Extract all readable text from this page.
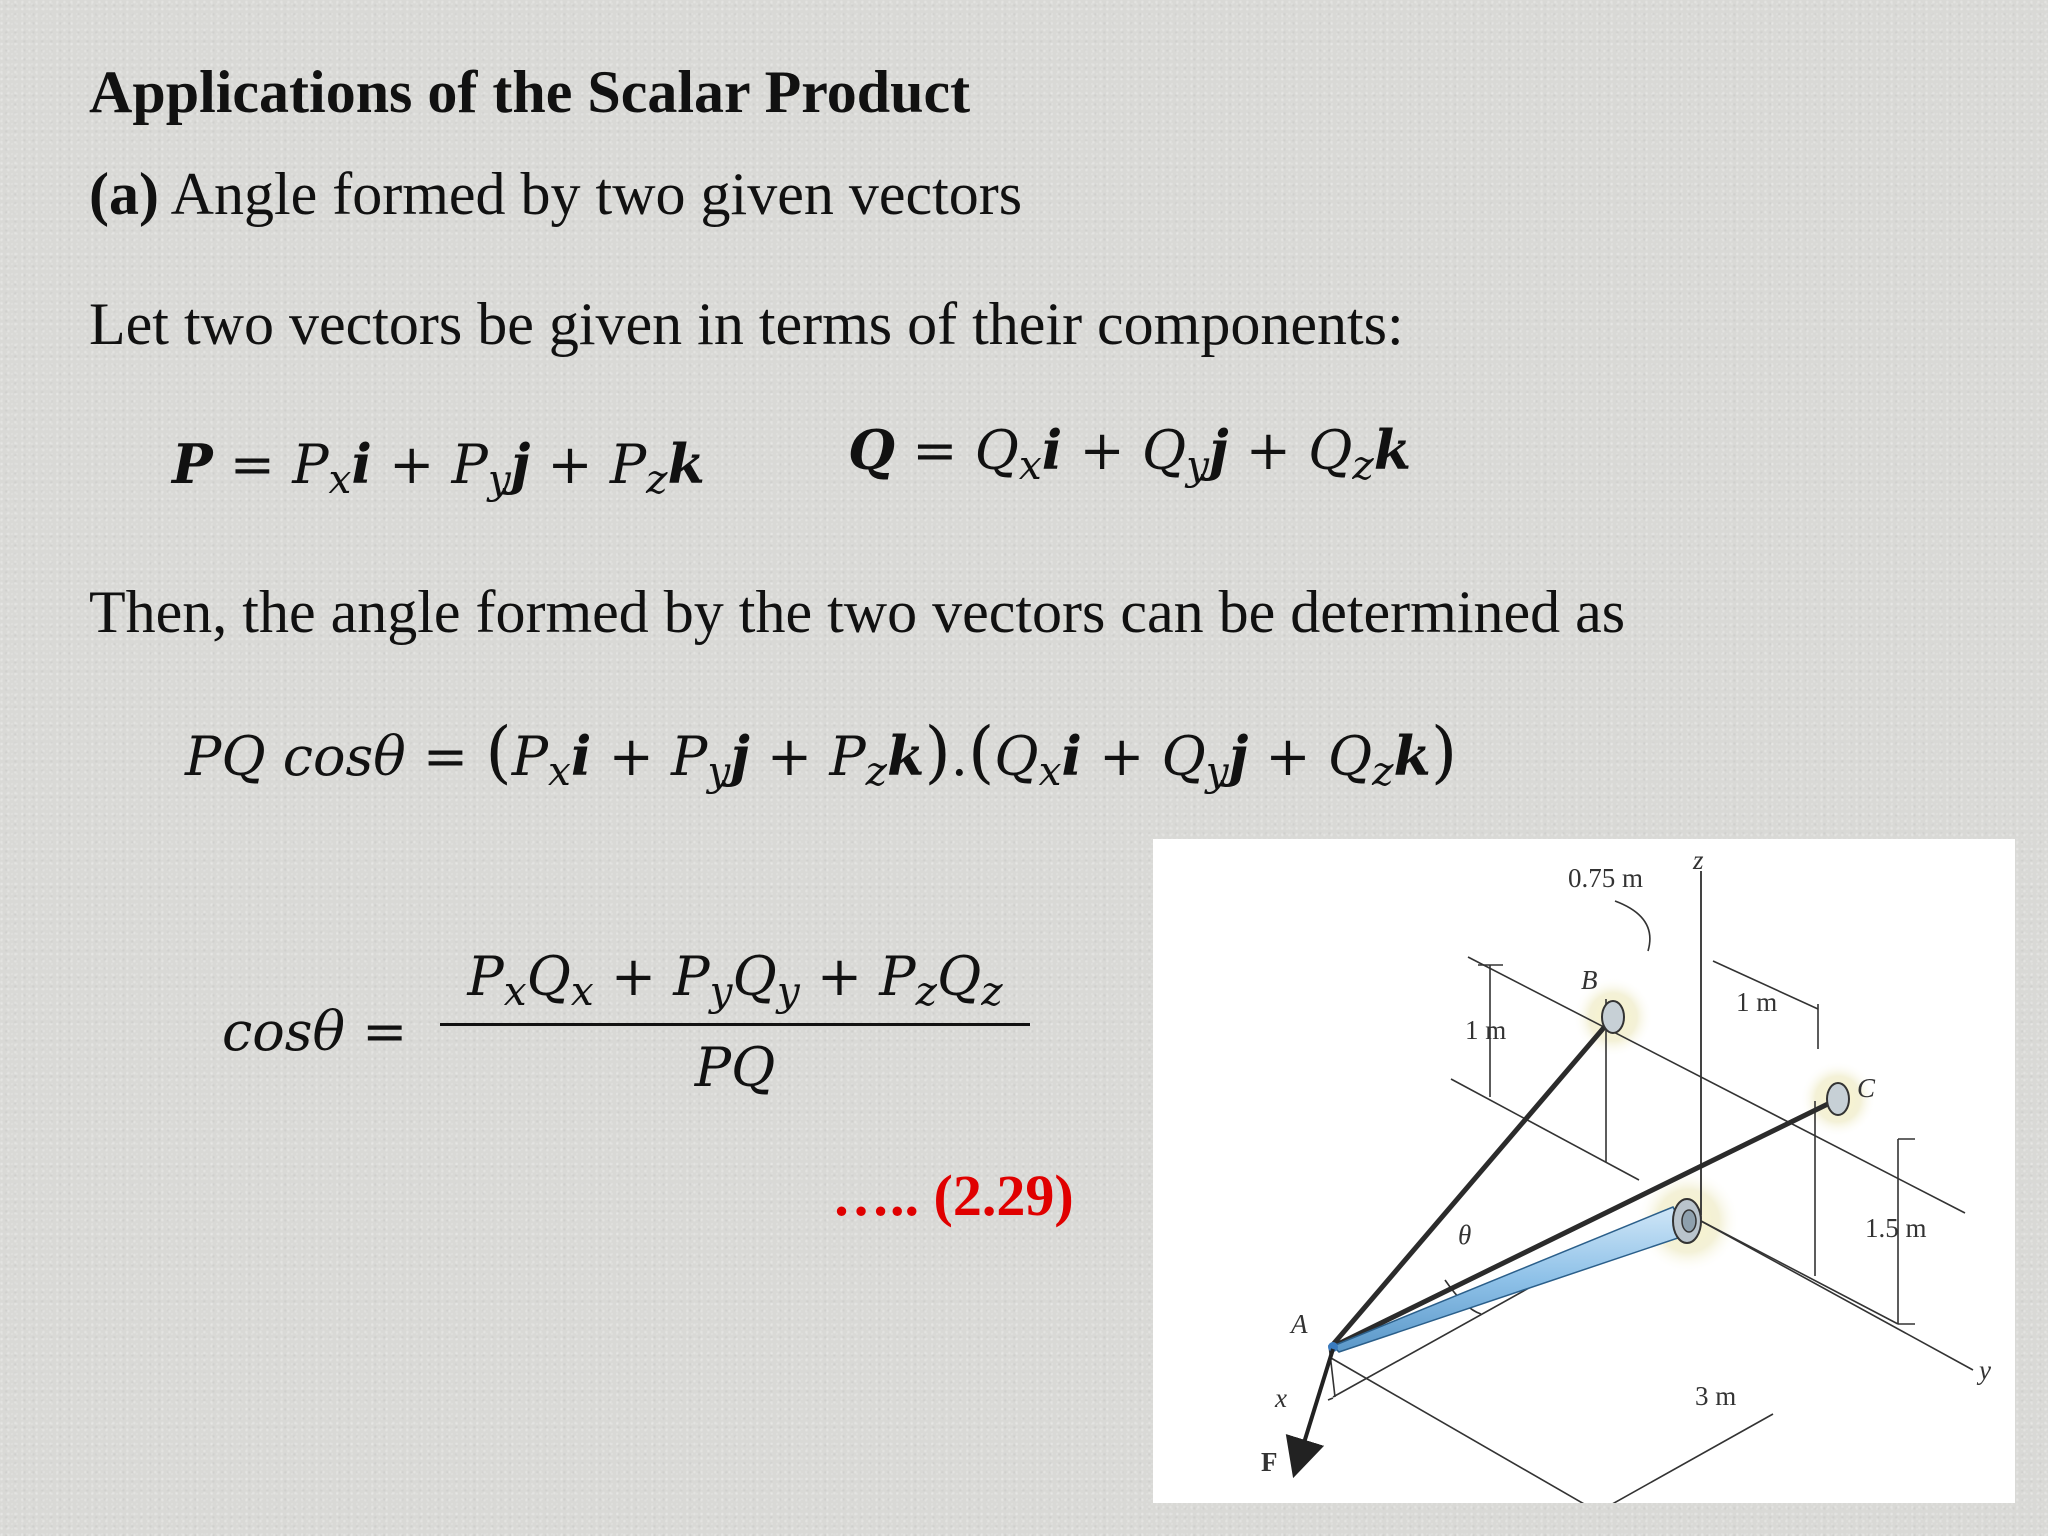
Applications of the Scalar Product
(a) Angle formed by two given vectors
Let two vectors be given in terms of their components:
$P = P_xi + P_yj + P_zk$	$Q = Q_xi + Q_yj + Q_zk$
Then, the angle formed by the two vectors can be determined as
PQ $\cos\theta = (P_xi + P_yj + P_zk).(Q_xi + Q_yj + Q_zk)$
cosθ =
$P_xQ_x + P_yQ_y + P_zQ_z$
PQ
….. (2.29)
0.75 m
z
B
1 m
1 m
C
θ	1.5 m
A
x	3 m
y
F
